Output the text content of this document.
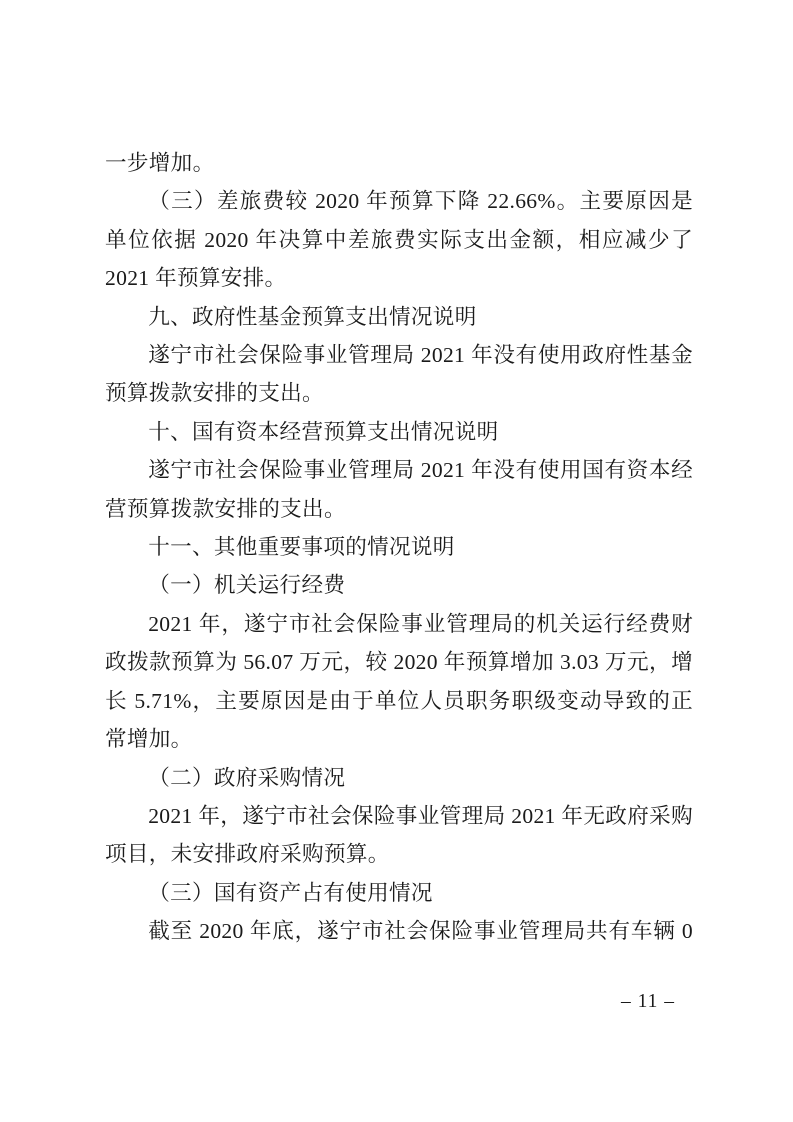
一步增加。

（三）差旅费较 2020 年预算下降 22.66%。主要原因是单位依据 2020 年决算中差旅费实际支出金额，相应减少了 2021 年预算安排。

九、政府性基金预算支出情况说明

遂宁市社会保险事业管理局 2021 年没有使用政府性基金预算拨款安排的支出。

十、国有资本经营预算支出情况说明

遂宁市社会保险事业管理局 2021 年没有使用国有资本经营预算拨款安排的支出。

十一、其他重要事项的情况说明

（一）机关运行经费

2021 年，遂宁市社会保险事业管理局的机关运行经费财政拨款预算为 56.07 万元，较 2020 年预算增加 3.03 万元，增长 5.71%，主要原因是由于单位人员职务职级变动导致的正常增加。

（二）政府采购情况

2021 年，遂宁市社会保险事业管理局 2021 年无政府采购项目，未安排政府采购预算。

（三）国有资产占有使用情况

截至 2020 年底，遂宁市社会保险事业管理局共有车辆 0

– 11 –
